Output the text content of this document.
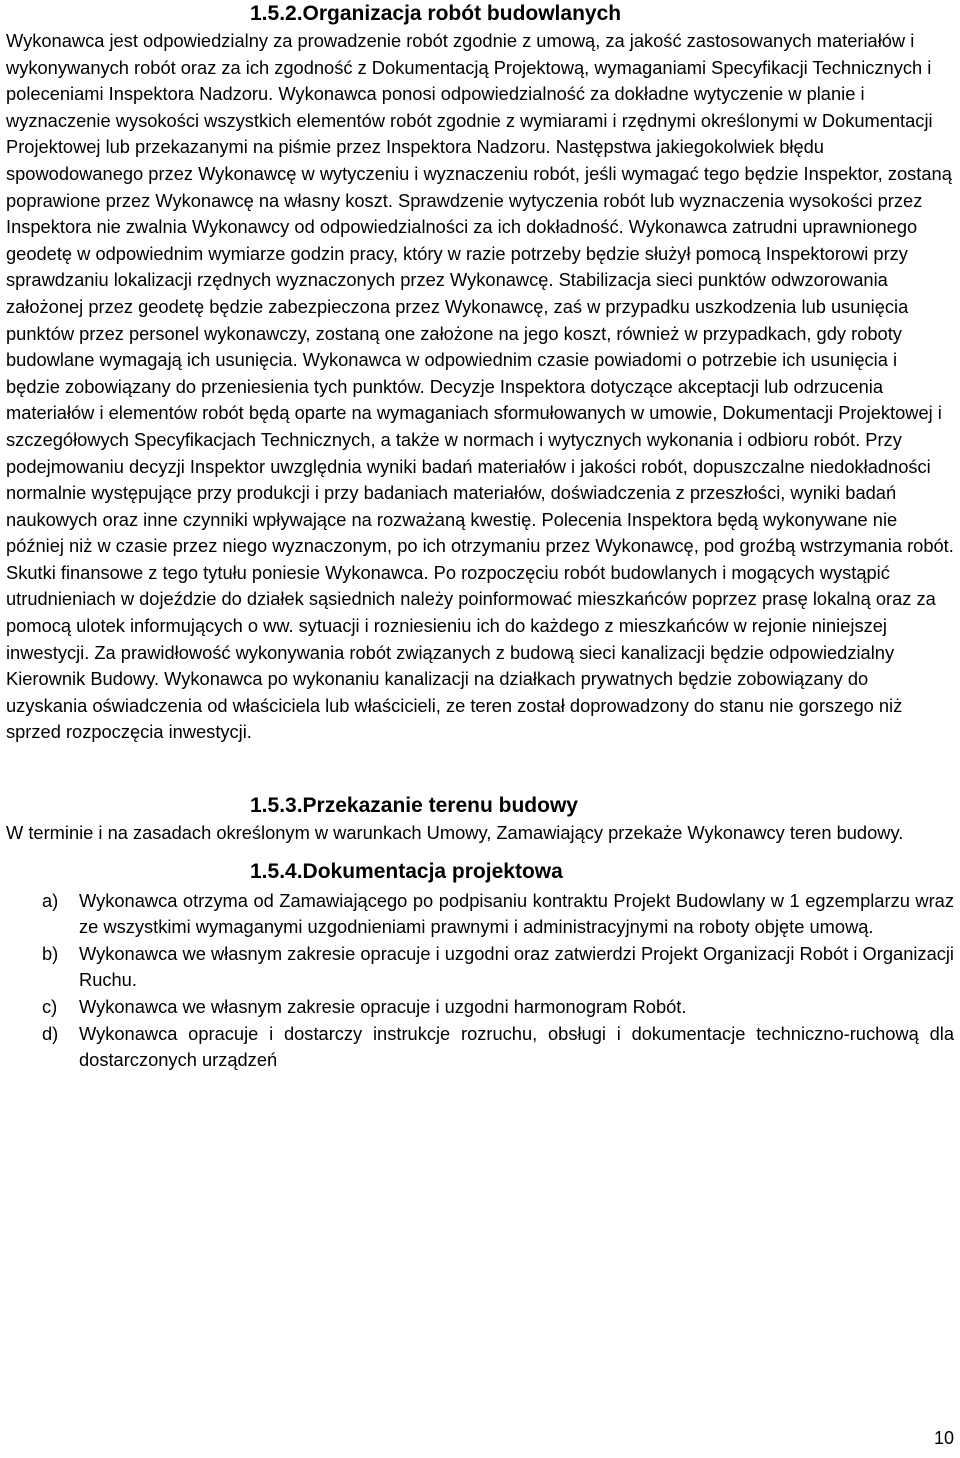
1.5.2.Organizacja robót budowlanych

Wykonawca jest odpowiedzialny za prowadzenie robót zgodnie z umową, za jakość zastosowanych materiałów i wykonywanych robót oraz za ich zgodność z Dokumentacją Projektową, wymaganiami Specyfikacji Technicznych i poleceniami Inspektora Nadzoru. Wykonawca ponosi odpowiedzialność za dokładne wytyczenie w planie i wyznaczenie wysokości wszystkich elementów robót zgodnie z wymiarami i rzędnymi określonymi w Dokumentacji Projektowej lub przekazanymi na piśmie przez Inspektora Nadzoru. Następstwa jakiegokolwiek błędu spowodowanego przez Wykonawcę w wytyczeniu i wyznaczeniu robót, jeśli wymagać tego będzie Inspektor, zostaną poprawione przez Wykonawcę na własny koszt. Sprawdzenie wytyczenia robót lub wyznaczenia wysokości przez Inspektora nie zwalnia Wykonawcy od odpowiedzialności za ich dokładność. Wykonawca zatrudni uprawnionego geodetę w odpowiednim wymiarze godzin pracy, który w razie potrzeby będzie służył pomocą Inspektorowi przy sprawdzaniu lokalizacji rzędnych wyznaczonych przez Wykonawcę. Stabilizacja sieci punktów odwzorowania założonej przez geodetę będzie zabezpieczona przez Wykonawcę, zaś w przypadku uszkodzenia lub usunięcia punktów przez personel wykonawczy, zostaną one założone na jego koszt, również w przypadkach, gdy roboty budowlane wymagają ich usunięcia. Wykonawca w odpowiednim czasie powiadomi o potrzebie ich usunięcia i będzie zobowiązany do przeniesienia tych punktów. Decyzje Inspektora dotyczące akceptacji lub odrzucenia materiałów i elementów robót będą oparte na wymaganiach sformułowanych w umowie, Dokumentacji Projektowej i szczegółowych Specyfikacjach Technicznych, a także w normach i wytycznych wykonania i odbioru robót. Przy podejmowaniu decyzji Inspektor uwzględnia wyniki badań materiałów i jakości robót, dopuszczalne niedokładności normalnie występujące przy produkcji i przy badaniach materiałów, doświadczenia z przeszłości, wyniki badań naukowych oraz inne czynniki wpływające na rozważaną kwestię. Polecenia Inspektora będą wykonywane nie później niż w czasie przez niego wyznaczonym, po ich otrzymaniu przez Wykonawcę, pod groźbą wstrzymania robót. Skutki finansowe z tego tytułu poniesie Wykonawca. Po rozpoczęciu robót budowlanych i mogących wystąpić utrudnieniach w dojeździe do działek sąsiednich należy poinformować mieszkańców poprzez prasę lokalną oraz za pomocą ulotek informujących o ww. sytuacji i rozniesieniu ich do każdego z mieszkańców w rejonie niniejszej inwestycji. Za prawidłowość wykonywania robót związanych z budową sieci kanalizacji będzie odpowiedzialny Kierownik Budowy. Wykonawca po wykonaniu kanalizacji na działkach prywatnych będzie zobowiązany do uzyskania oświadczenia od właściciela lub właścicieli, ze teren został doprowadzony do stanu nie gorszego niż sprzed rozpoczęcia inwestycji.

1.5.3.Przekazanie terenu budowy

W terminie i na zasadach określonym w warunkach Umowy, Zamawiający przekaże Wykonawcy teren budowy.

1.5.4.Dokumentacja projektowa
a) Wykonawca otrzyma od Zamawiającego po podpisaniu kontraktu Projekt Budowlany w 1 egzemplarzu wraz ze wszystkimi wymaganymi uzgodnieniami prawnymi i administracyjnymi na roboty objęte umową.
b) Wykonawca we własnym zakresie opracuje i uzgodni oraz zatwierdzi Projekt Organizacji Robót i Organizacji Ruchu.
c) Wykonawca we własnym zakresie opracuje i uzgodni harmonogram Robót.
d) Wykonawca opracuje i dostarczy instrukcje rozruchu, obsługi i dokumentacje techniczno-ruchową dla dostarczonych urządzeń
10
